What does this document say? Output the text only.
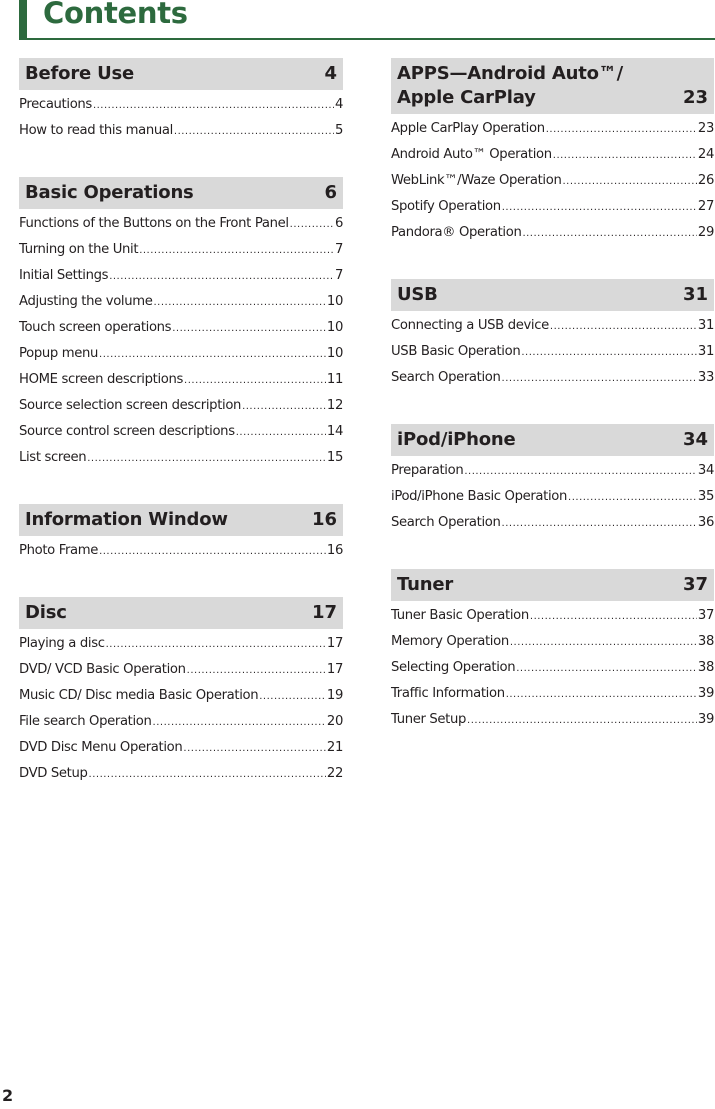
Contents
Before Use	4
Precautions .....	4
How to read this manual .....	5
Basic Operations	6
Functions of the Buttons on the Front Panel .....	6
Turning on the Unit .....	7
Initial Settings .....	7
Adjusting the volume .....	10
Touch screen operations .....	10
Popup menu .....	10
HOME screen descriptions .....	11
Source selection screen description .....	12
Source control screen descriptions .....	14
List screen .....	15
Information Window	16
Photo Frame .....	16
Disc	17
Playing a disc .....	17
DVD/ VCD Basic Operation .....	17
Music CD/ Disc media Basic Operation .....	19
File search Operation .....	20
DVD Disc Menu Operation .....	21
DVD Setup .....	22
APPS—Android Auto™/
Apple CarPlay	23
Apple CarPlay Operation .....	23
Android Auto™ Operation .....	24
WebLink™/Waze Operation .....	26
Spotify Operation .....	27
Pandora® Operation .....	29
USB	31
Connecting a USB device .....	31
USB Basic Operation .....	31
Search Operation .....	33
iPod/iPhone	34
Preparation .....	34
iPod/iPhone Basic Operation .....	35
Search Operation .....	36
Tuner	37
Tuner Basic Operation .....	37
Memory Operation .....	38
Selecting Operation .....	38
Traffic Information .....	39
Tuner Setup .....	39
2
